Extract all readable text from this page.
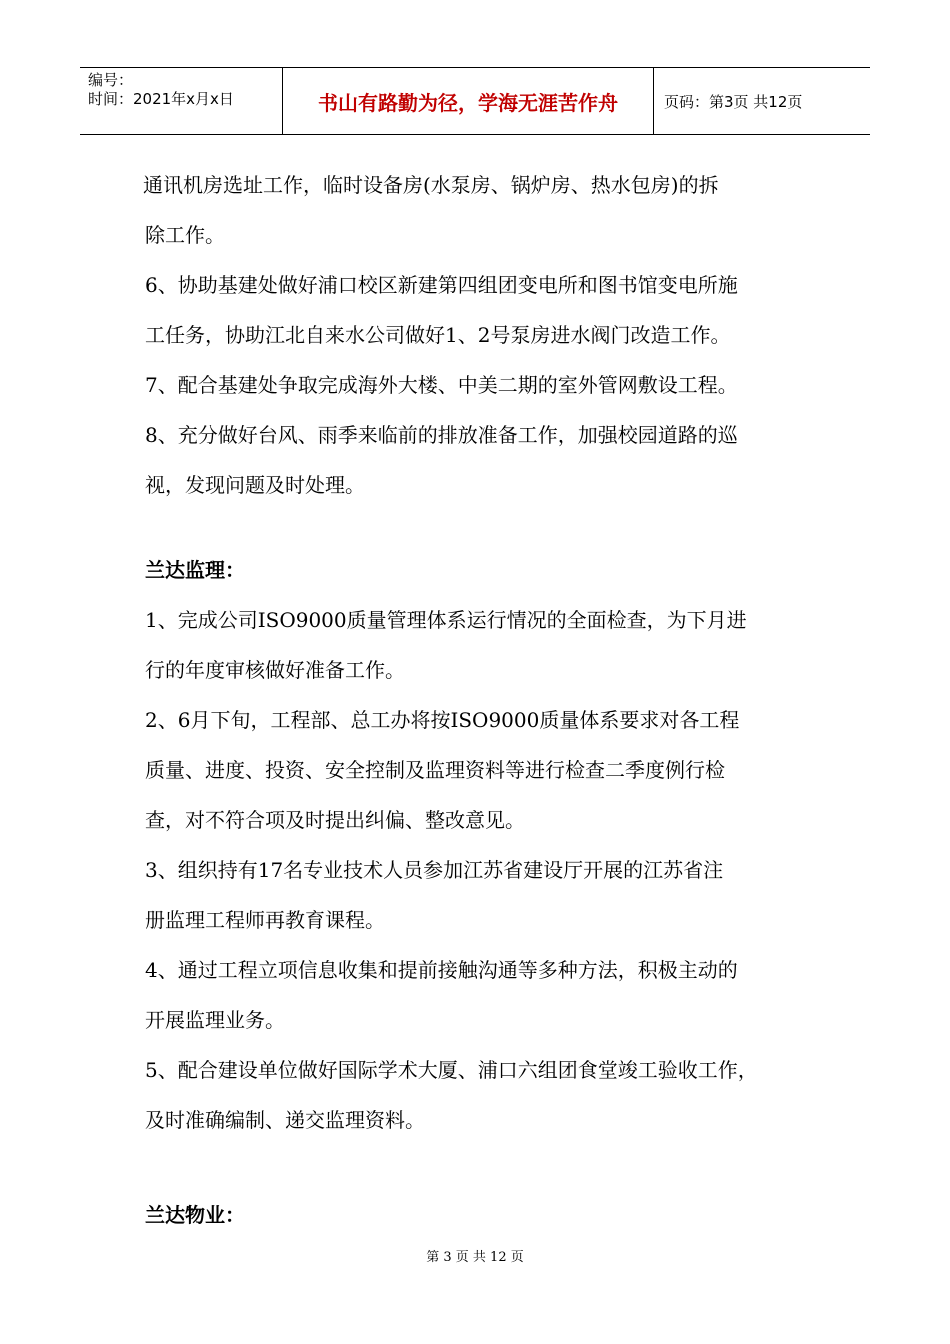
编号：
时间：2021年x月x日	书山有路勤为径，学海无涯苦作舟	页码：第3页 共12页
通讯机房选址工作，临时设备房(水泵房、锅炉房、热水包房)的拆
除工作。
6、协助基建处做好浦口校区新建第四组团变电所和图书馆变电所施
工任务，协助江北自来水公司做好1、2号泵房进水阀门改造工作。
7、配合基建处争取完成海外大楼、中美二期的室外管网敷设工程。
8、充分做好台风、雨季来临前的排放准备工作，加强校园道路的巡
视，发现问题及时处理。
兰达监理：
1、完成公司ISO9000质量管理体系运行情况的全面检查，为下月进
行的年度审核做好准备工作。
2、6月下旬，工程部、总工办将按ISO9000质量体系要求对各工程
质量、进度、投资、安全控制及监理资料等进行检查二季度例行检
查，对不符合项及时提出纠偏、整改意见。
3、组织持有17名专业技术人员参加江苏省建设厅开展的江苏省注
册监理工程师再教育课程。
4、通过工程立项信息收集和提前接触沟通等多种方法，积极主动的
开展监理业务。
5、配合建设单位做好国际学术大厦、浦口六组团食堂竣工验收工作，
及时准确编制、递交监理资料。
兰达物业：
第 3 页 共 12 页
